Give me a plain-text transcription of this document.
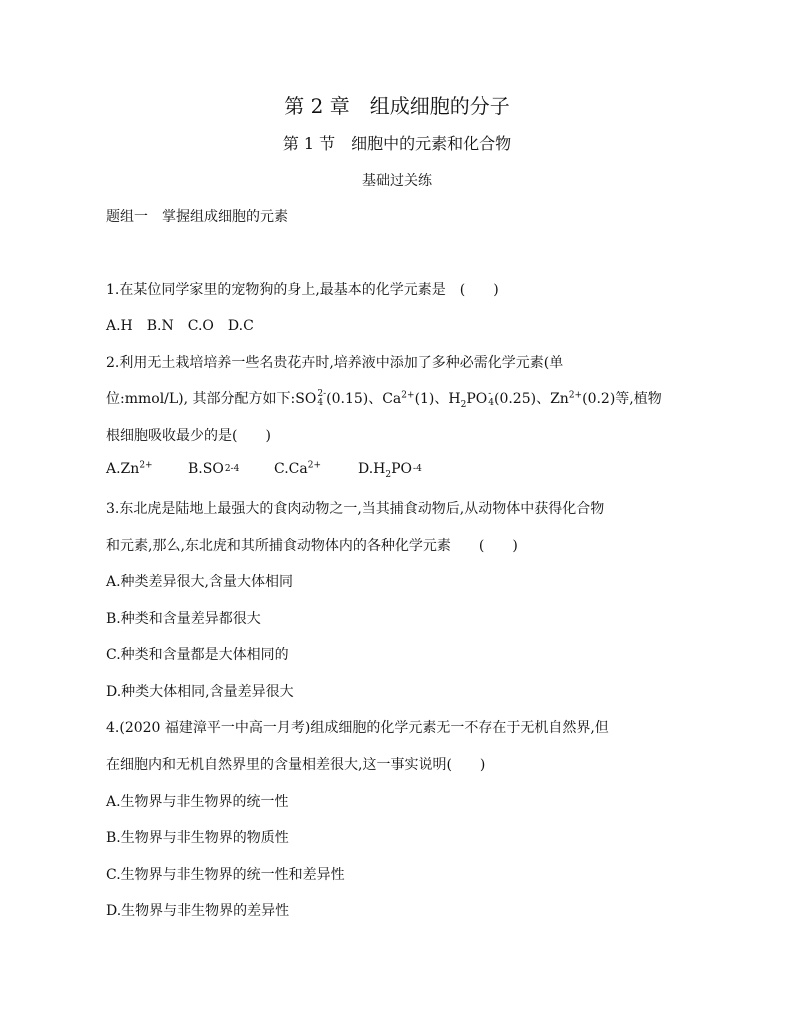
第 2 章　组成细胞的分子
第 1 节　细胞中的元素和化合物
基础过关练
题组一　掌握组成细胞的元素
1.在某位同学家里的宠物狗的身上,最基本的化学元素是　(　　)
A.H　B.N　C.O　D.C
2.利用无土栽培培养一些名贵花卉时,培养液中添加了多种必需化学元素(单
位:mmol/L), 其部分配方如下:SO 2-
4 (0.15)、$Ca^{2+}(1)$、$H_2PO$ -
4 (0.25)、$Zn^{2+}(0.2)$等,植物
根细胞吸收最少的是(　　)
$A.Zn^{2+}$	B.SO2-4 $C.Ca^{2+}$	$D.H_2PO-4$
3.东北虎是陆地上最强大的食肉动物之一,当其捕食动物后,从动物体中获得化合物
和元素,那么,东北虎和其所捕食动物体内的各种化学元素　　(　　)
A.种类差异很大,含量大体相同
B.种类和含量差异都很大
C.种类和含量都是大体相同的
D.种类大体相同,含量差异很大
4.(2020 福建漳平一中高一月考)组成细胞的化学元素无一不存在于无机自然界,但
在细胞内和无机自然界里的含量相差很大,这一事实说明(　　)
A.生物界与非生物界的统一性
B.生物界与非生物界的物质性
C.生物界与非生物界的统一性和差异性
D.生物界与非生物界的差异性
